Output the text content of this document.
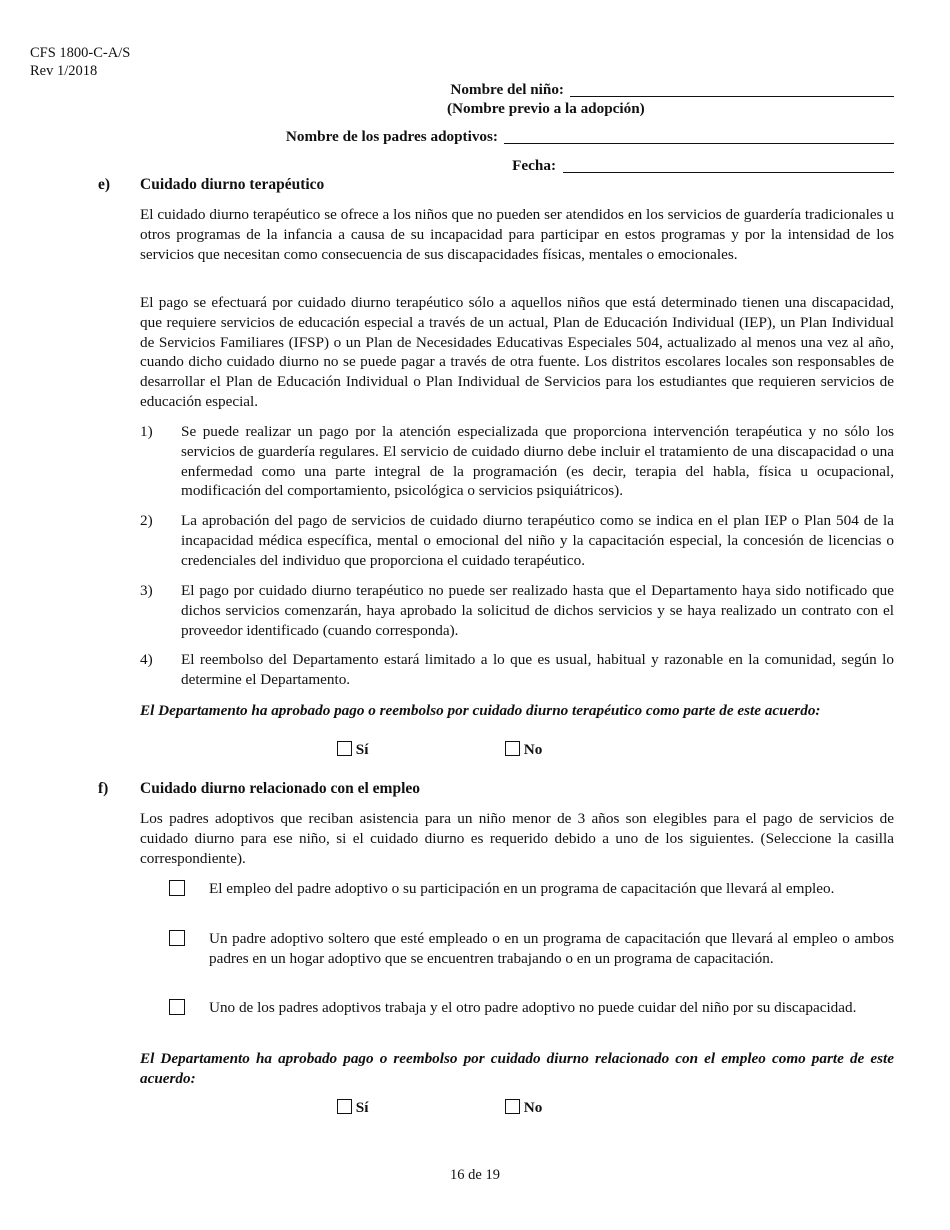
CFS 1800-C-A/S
Rev 1/2018
Nombre del niño:
(Nombre previo a la adopción)
Nombre de los padres adoptivos:
Fecha:
e) Cuidado diurno terapéutico
El cuidado diurno terapéutico se ofrece a los niños que no pueden ser atendidos en los servicios de guardería tradicionales u otros programas de la infancia a causa de su incapacidad para participar en estos programas y por la intensidad de los servicios que necesitan como consecuencia de sus discapacidades físicas, mentales o emocionales.
El pago se efectuará por cuidado diurno terapéutico sólo a aquellos niños que está determinado tienen una discapacidad, que requiere servicios de educación especial a través de un actual, Plan de Educación Individual (IEP), un Plan Individual de Servicios Familiares (IFSP) o un Plan de Necesidades Educativas Especiales 504, actualizado al menos una vez al año, cuando dicho cuidado diurno no se puede pagar a través de otra fuente. Los distritos escolares locales son responsables de desarrollar el Plan de Educación Individual o Plan Individual de Servicios para los estudiantes que requieren servicios de educación especial.
1) Se puede realizar un pago por la atención especializada que proporciona intervención terapéutica y no sólo los servicios de guardería regulares. El servicio de cuidado diurno debe incluir el tratamiento de una discapacidad o una enfermedad como una parte integral de la programación (es decir, terapia del habla, física u ocupacional, modificación del comportamiento, psicológica o servicios psiquiátricos).
2) La aprobación del pago de servicios de cuidado diurno terapéutico como se indica en el plan IEP o Plan 504 de la incapacidad médica específica, mental o emocional del niño y la capacitación especial, la concesión de licencias o credenciales del individuo que proporciona el cuidado terapéutico.
3) El pago por cuidado diurno terapéutico no puede ser realizado hasta que el Departamento haya sido notificado que dichos servicios comenzarán, haya aprobado la solicitud de dichos servicios y se haya realizado un contrato con el proveedor identificado (cuando corresponda).
4) El reembolso del Departamento estará limitado a lo que es usual, habitual y razonable en la comunidad, según lo determine el Departamento.
El Departamento ha aprobado pago o reembolso por cuidado diurno terapéutico como parte de este acuerdo:
Sí	No
f) Cuidado diurno relacionado con el empleo
Los padres adoptivos que reciban asistencia para un niño menor de 3 años son elegibles para el pago de servicios de cuidado diurno para ese niño, si el cuidado diurno es requerido debido a uno de los siguientes. (Seleccione la casilla correspondiente).
El empleo del padre adoptivo o su participación en un programa de capacitación que llevará al empleo.
Un padre adoptivo soltero que esté empleado o en un programa de capacitación que llevará al empleo o ambos padres en un hogar adoptivo que se encuentren trabajando o en un programa de capacitación.
Uno de los padres adoptivos trabaja y el otro padre adoptivo no puede cuidar del niño por su discapacidad.
El Departamento ha aprobado pago o reembolso por cuidado diurno relacionado con el empleo como parte de este acuerdo:
Sí	No
16 de 19
